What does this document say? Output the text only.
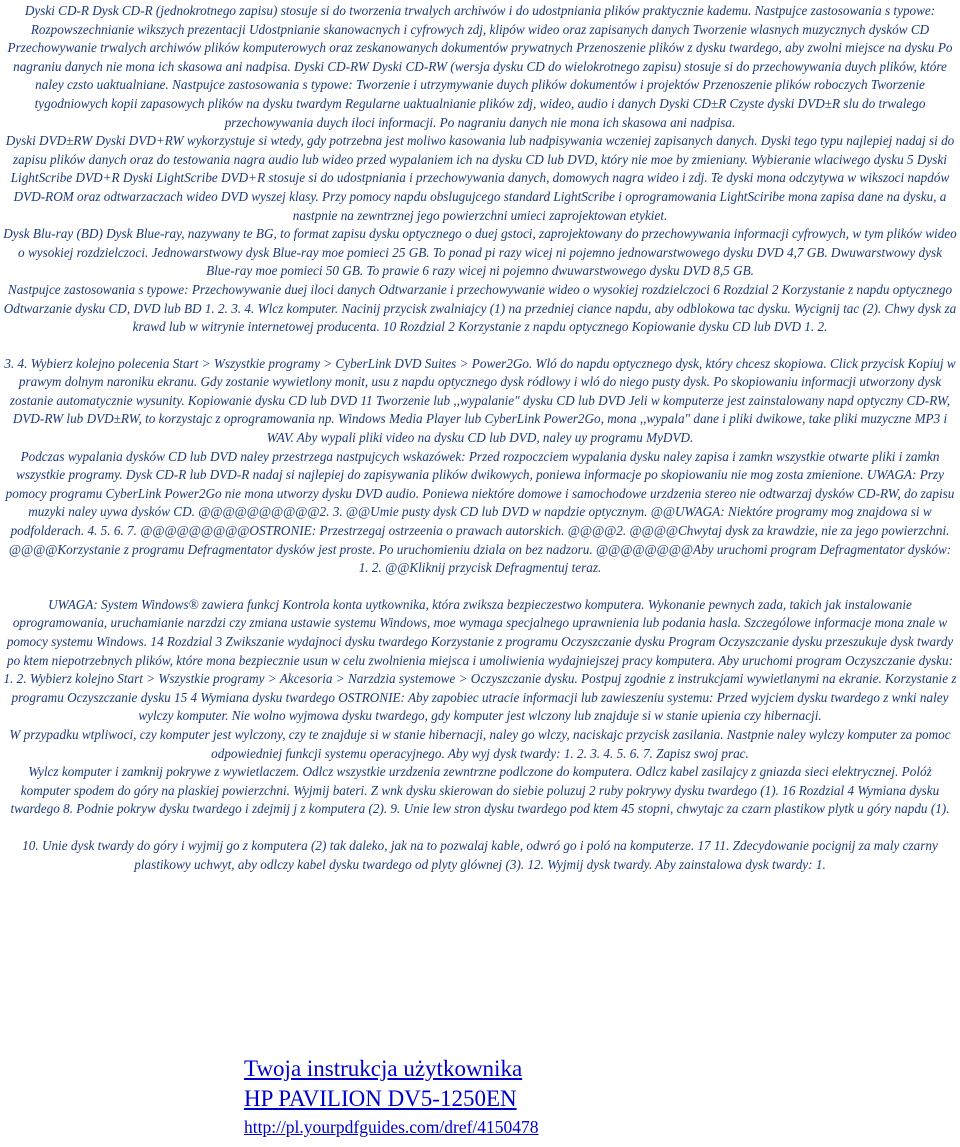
Dyski CD-R Dysk CD-R (jednokrotnego zapisu) stosuje si do tworzenia trwalych archiwów i do udostpniania plików praktycznie kademu. Nastpujce zastosowania s typowe: Rozpowszechnianie wikszych prezentacji Udostpnianie skanowacnych i cyfrowych zdj, klipów wideo oraz zapisanych danych Tworzenie wlasnych muzycznych dysków CD Przechowywanie trwalych archiwów plików komputerowych oraz zeskanowanych dokumentów prywatnych Przenoszenie plików z dysku twardego, aby zwolni miejsce na dysku Po nagraniu danych nie mona ich skasowa ani nadpisa. Dyski CD-RW Dyski CD-RW (wersja dysku CD do wielokrotnego zapisu) stosuje si do przechowywania duych plików, które naley czsto uaktualniane. Nastpujce zastosowania s typowe: Tworzenie i utrzymywanie duych plików dokumentów i projektów Przenoszenie plików roboczych Tworzenie tygodniowych kopii zapasowych plików na dysku twardym Regularne uaktualnianie plików zdj, wideo, audio i danych Dyski CD±R Czyste dyski DVD±R slu do trwalego przechowywania duych iloci informacji. Po nagraniu danych nie mona ich skasowa ani nadpisa.

Dyski DVD±RW Dyski DVD+RW wykorzystuje si wtedy, gdy potrzebna jest moliwo kasowania lub nadpisywania wczeniej zapisanych danych. Dyski tego typu najlepiej nadaj si do zapisu plików danych oraz do testowania nagra audio lub wideo przed wypalaniem ich na dysku CD lub DVD, który nie moe by zmieniany. Wybieranie wlaciwego dysku 5 Dyski LightScribe DVD+R Dyski LightScribe DVD+R stosuje si do udostpniania i przechowywania danych, domowych nagra wideo i zdj. Te dyski mona odczytywa w wikszoci napdów DVD-ROM oraz odtwarzaczach wideo DVD wyszej klasy. Przy pomocy napdu obslugujcego standard LightScribe i oprogramowania LightSciribe mona zapisa dane na dysku, a nastpnie na zewntrznej jego powierzchni umieci zaprojektowan etykiet.

Dysk Blu-ray (BD) Dysk Blue-ray, nazywany te BG, to format zapisu dysku optycznego o duej gstoci, zaprojektowany do przechowywania informacji cyfrowych, w tym plików wideo o wysokiej rozdzielczoci. Jednowarstwowy dysk Blue-ray moe pomieci 25 GB. To ponad pi razy wicej ni pojemno jednowarstwowego dysku DVD 4,7 GB. Dwuwarstwowy dysk Blue-ray moe pomieci 50 GB. To prawie 6 razy wicej ni pojemno dwuwarstwowego dysku DVD 8,5 GB.

Nastpujce zastosowania s typowe: Przechowywanie duej iloci danych Odtwarzanie i przechowywanie wideo o wysokiej rozdzielczoci 6 Rozdzial 2 Korzystanie z napdu optycznego Odtwarzanie dysku CD, DVD lub BD 1. 2. 3. 4. Wlcz komputer. Nacinij przycisk zwalniajcy (1) na przedniej ciance napdu, aby odblokowa tac dysku. Wycignij tac (2). Chwy dysk za krawd lub w witrynie internetowej producenta. 10 Rozdzial 2 Korzystanie z napdu optycznego Kopiowanie dysku CD lub DVD 1. 2.

3. 4. Wybierz kolejno polecenia Start > Wszystkie programy > CyberLink DVD Suites > Power2Go. Wló do napdu optycznego dysk, który chcesz skopiowa. Click przycisk Kopiuj w prawym dolnym naroniku ekranu. Gdy zostanie wywietlony monit, usu z napdu optycznego dysk ródlowy i wló do niego pusty dysk. Po skopiowaniu informacji utworzony dysk zostanie automatycznie wysunity. Kopiowanie dysku CD lub DVD 11 Tworzenie lub ,,wypalanie" dysku CD lub DVD Jeli w komputerze jest zainstalowany napd optyczny CD-RW, DVD-RW lub DVD±RW, to korzystajc z oprogramowania np. Windows Media Player lub CyberLink Power2Go, mona ,,wypala" dane i pliki dwikowe, take pliki muzyczne MP3 i WAV. Aby wypali pliki video na dysku CD lub DVD, naley uy programu MyDVD.

Podczas wypalania dysków CD lub DVD naley przestrzega nastpujcych wskazówek: Przed rozpoczciem wypalania dysku naley zapisa i zamkn wszystkie otwarte pliki i zamkn wszystkie programy. Dysk CD-R lub DVD-R nadaj si najlepiej do zapisywania plików dwikowych, poniewa informacje po skopiowaniu nie mog zosta zmienione. UWAGA: Przy pomocy programu CyberLink Power2Go nie mona utworzy dysku DVD audio. Poniewa niektóre domowe i samochodowe urzdzenia stereo nie odtwarzaj dysków CD-RW, do zapisu muzyki naley uywa dysków CD. @@@@@@@@@@2. 3. @@Umie pusty dysk CD lub DVD w napdzie optycznym. @@UWAGA: Niektóre programy mog znajdowa si w podfolderach. 4. 5. 6. 7. @@@@@@@@@OSTRONIE: Przestrzegaj ostrzeenia o prawach autorskich. @@@@2. @@@@Chwytaj dysk za krawdzie, nie za jego powierzchni. @@@@Korzystanie z programu Defragmentator dysków jest proste. Po uruchomieniu dziala on bez nadzoru. @@@@@@@@Aby uruchomi program Defragmentator dysków: 1. 2. @@Kliknij przycisk Defragmentuj teraz.

UWAGA: System Windows® zawiera funkcj Kontrola konta uytkownika, która zwiksza bezpieczestwo komputera. Wykonanie pewnych zada, takich jak instalowanie oprogramowania, uruchamianie narzdzi czy zmiana ustawie systemu Windows, moe wymaga specjalnego uprawnienia lub podania hasla. Szczególowe informacje mona znale w pomocy systemu Windows. 14 Rozdzial 3 Zwikszanie wydajnoci dysku twardego Korzystanie z programu Oczyszczanie dysku Program Oczyszczanie dysku przeszukuje dysk twardy po ktem niepotrzebnych plików, które mona bezpiecznie usun w celu zwolnienia miejsca i umoliwienia wydajniejszej pracy komputera. Aby uruchomi program Oczyszczanie dysku: 1. 2. Wybierz kolejno Start > Wszystkie programy > Akcesoria > Narzdzia systemowe > Oczyszczanie dysku. Postpuj zgodnie z instrukcjami wywietlanymi na ekranie. Korzystanie z programu Oczyszczanie dysku 15 4 Wymiana dysku twardego OSTRONIE: Aby zapobiec utracie informacji lub zawieszeniu systemu: Przed wyjciem dysku twardego z wnki naley wylczy komputer. Nie wolno wyjmowa dysku twardego, gdy komputer jest wlczony lub znajduje si w stanie upienia czy hibernacji.

W przypadku wtpliwoci, czy komputer jest wylczony, czy te znajduje si w stanie hibernacji, naley go wlczy, naciskajc przycisk zasilania. Nastpnie naley wylczy komputer za pomoc odpowiedniej funkcji systemu operacyjnego. Aby wyj dysk twardy: 1. 2. 3. 4. 5. 6. 7. Zapisz swoj prac.

Wylcz komputer i zamknij pokrywe z wywietlaczem. Odlcz wszystkie urzdzenia zewntrzne podlczone do komputera. Odlcz kabel zasilajcy z gniazda sieci elektrycznej. Polóż komputer spodem do góry na plaskiej powierzchni. Wyjmij bateri. Z wnk dysku skierowan do siebie poluzuj 2 ruby pokrywy dysku twardego (1). 16 Rozdzial 4 Wymiana dysku twardego 8. Podnie pokryw dysku twardego i zdejmij j z komputera (2). 9. Unie lew stron dysku twardego pod ktem 45 stopni, chwytajc za czarn plastikow plytk u góry napdu (1).

10. Unie dysk twardy do góry i wyjmij go z komputera (2) tak daleko, jak na to pozwalaj kable, odwró go i poló na komputerze. 17 11. Zdecydowanie pocignij za maly czarny plastikowy uchwyt, aby odlczy kabel dysku twardego od plyty glównej (3). 12. Wyjmij dysk twardy. Aby zainstalowa dysk twardy: 1.

Twoja instrukcja użytkownika
HP PAVILION DV5-1250EN
http://pl.yourpdfguides.com/dref/4150478
